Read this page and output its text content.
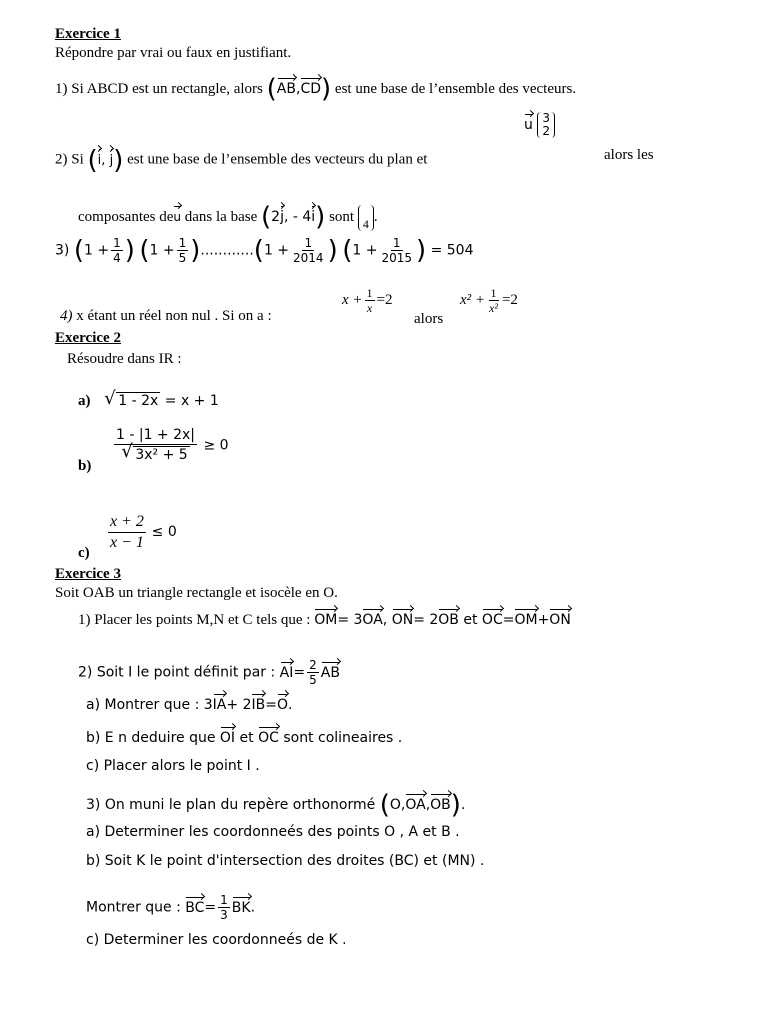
Exercice 1
Répondre par vrai ou faux en justifiant.
1) Si ABCD est un rectangle, alors (AB,CD) est une base de l’ensemble des vecteurs.
2) Si (i, j) est une base de l’ensemble des vecteurs du plan et
u 3
2
alors les
composantes deu dans la base (2j, - 4i) sont
4 .
3) ($1 + \frac{1}{4}$ ) $(1 + \frac{1}{5} )............(1 + \frac{1}{2014}$ ) ($1 + \frac{1}{2015}$ ) = 504
4) x étant un réel non nul . Si on a :
$x + \frac{1}{x} =2$
alors
$x^2 + \frac{1}{\text{x²}} =2$
Exercice 2
Résoudre dans IR :
a) √ 1 - 2x = x + 1
b)
1 - |1 + 2x|
√ 3x² + 5 ≥ 0
$c) \frac{x + 2}{x - 1} \le 0$
Exercice 3
Soit OAB un triangle rectangle et isocèle en O.
1) Placer les points M,N et C tels que : OM= 3OA, ON= 2OB et OC=OM+ON
2) Soit I le point définit par : $AI= \frac{2}{5}$ AB
a) Montrer que : 3IA+ 2IB=O.
b) E n deduire que OI et OC sont colineaires .
c) Placer alors le point I .
3) On muni le plan du repère orthonormé (O,OA,OB).
a) Determiner les coordonneés des points O , A et B .
b) Soit K le point d'intersection des droites (BC) et (MN) .
Montrer que : $BC= \frac{1}{3}$ BK.
c) Determiner les coordonneés de K .
